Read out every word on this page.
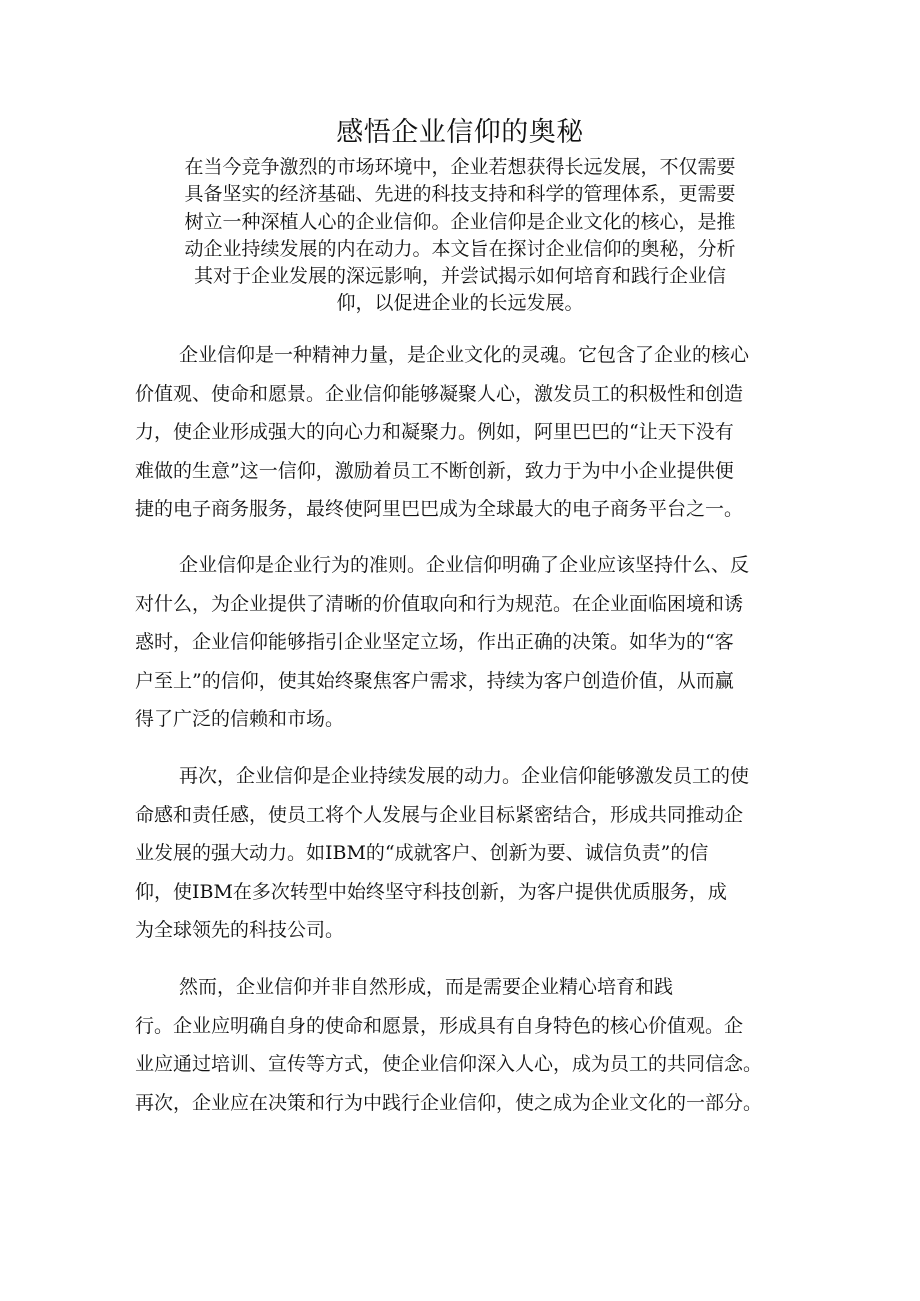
感悟企业信仰的奥秘
在当今竞争激烈的市场环境中，企业若想获得长远发展，不仅需要
具备坚实的经济基础、先进的科技支持和科学的管理体系，更需要
树立一种深植人心的企业信仰。企业信仰是企业文化的核心，是推
动企业持续发展的内在动力。本文旨在探讨企业信仰的奥秘，分析
其对于企业发展的深远影响，并尝试揭示如何培育和践行企业信
仰，以促进企业的长远发展。
企业信仰是一种精神力量，是企业文化的灵魂。它包含了企业的核心
价值观、使命和愿景。企业信仰能够凝聚人心，激发员工的积极性和创造
力，使企业形成强大的向心力和凝聚力。例如，阿里巴巴的“让天下没有
难做的生意”这一信仰，激励着员工不断创新，致力于为中小企业提供便
捷的电子商务服务，最终使阿里巴巴成为全球最大的电子商务平台之一。
企业信仰是企业行为的准则。企业信仰明确了企业应该坚持什么、反
对什么，为企业提供了清晰的价值取向和行为规范。在企业面临困境和诱
惑时，企业信仰能够指引企业坚定立场，作出正确的决策。如华为的“客
户至上”的信仰，使其始终聚焦客户需求，持续为客户创造价值，从而赢
得了广泛的信赖和市场。
再次，企业信仰是企业持续发展的动力。企业信仰能够激发员工的使
命感和责任感，使员工将个人发展与企业目标紧密结合，形成共同推动企
业发展的强大动力。如IBM的“成就客户、创新为要、诚信负责”的信
仰，使IBM在多次转型中始终坚守科技创新，为客户提供优质服务，成
为全球领先的科技公司。
然而，企业信仰并非自然形成，而是需要企业精心培育和践
行。企业应明确自身的使命和愿景，形成具有自身特色的核心价值观。企
业应通过培训、宣传等方式，使企业信仰深入人心，成为员工的共同信念。
再次，企业应在决策和行为中践行企业信仰，使之成为企业文化的一部分。
